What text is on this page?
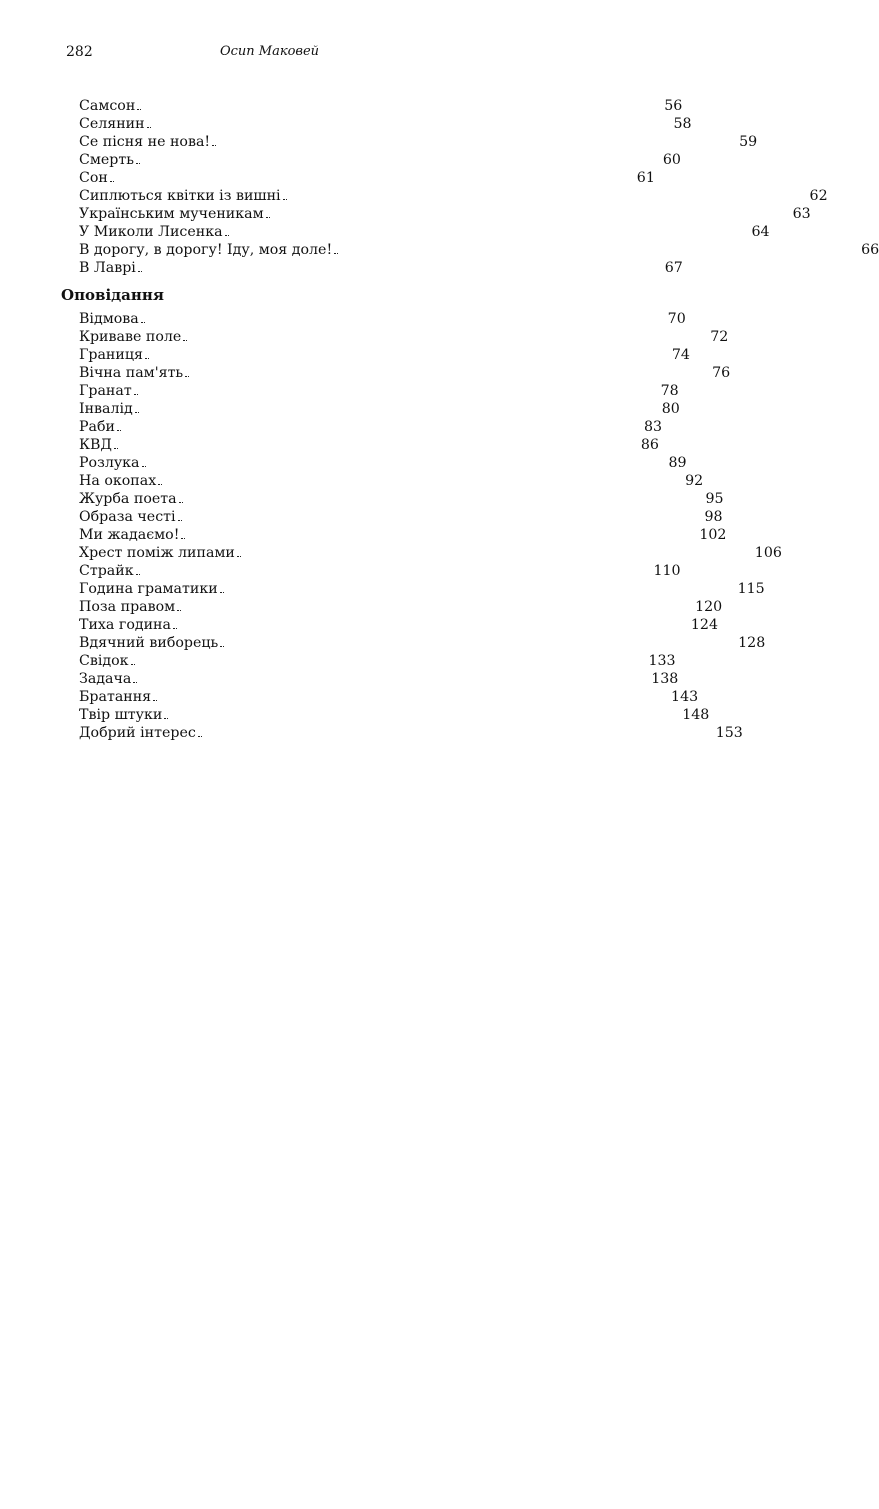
282	Осип Маковей
Самсон	56
Селянин	58
Се пісня не нова!	59
Смерть	60
Сон	61
Сиплються квітки із вишні	62
Українським мученикам	63
У Миколи Лисенка	64
В дорогу, в дорогу! Іду, моя доле!	66
В Лаврі	67
Оповідання
Відмова	70
Криваве поле	72
Границя	74
Вічна пам'ять	76
Гранат	78
Інвалід	80
Раби	83
КВД	86
Розлука	89
На окопах	92
Журба поета	95
Образа честі	98
Ми жадаємо!	102
Хрест поміж липами	106
Страйк	110
Година граматики	115
Поза правом	120
Тиха година	124
Вдячний виборець	128
Свідок	133
Задача	138
Братання	143
Твір штуки	148
Добрий інтерес	153
